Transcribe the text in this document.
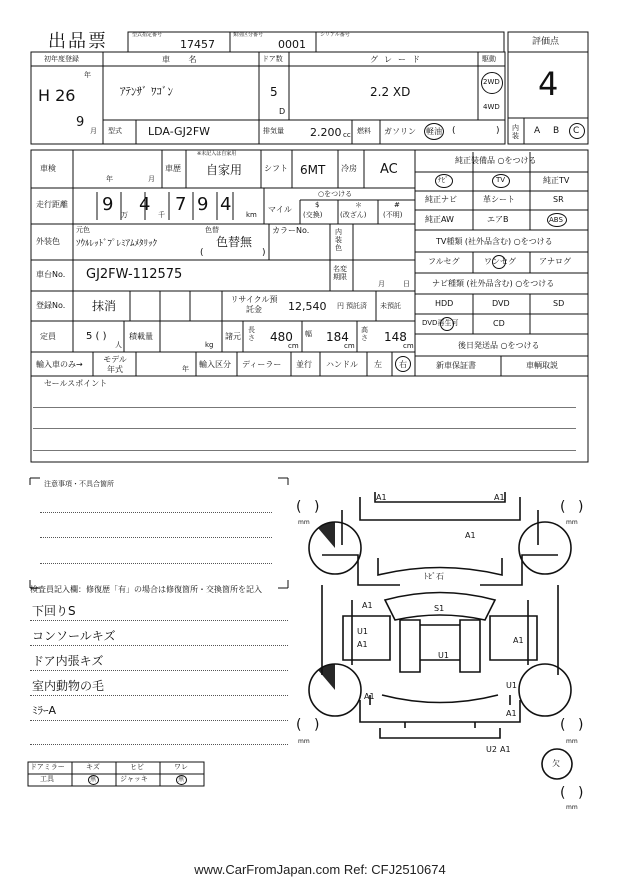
出品票	型式指定番号
17457
類別区分番号
0001
シリアル番号
評価点
4
初年度登録
年
H 26
9
月
車 名
ｱﾃﾝｻﾞ ﾜｺﾞﾝ
ドア数
5
D
グレード
2.2 XD
駆動
2WD
4WD
型式 LDA-GJ2FW	排気量 2.200 cc 燃料 ガソリン 軽油 (	) 内装	A B C
車検
年	月
車歴
※未記入は自家用
自家用	シフト 6MT 冷房 AC
走行距離 9 万 4 千 7 9 4 km
マイル
○をつける
$
(交換)
＊
(改ざん)
#
(不明)
外装色
元色
ｿｳﾙﾚｯﾄﾞﾌﾟﾚﾐｱﾑﾒﾀﾘｯｸ
色替
色替無
(	)
カラーNo.	内装色
車台No. GJ2FW-112575	名変期限
月	日
登録No. 抹消	リサイクル預託金	12,540 円 預託済 未預託
定員	5 ( )
人
積載量
kg
諸元
長さ 480
cm
幅 184
cm
高さ 148
cm
輸入車のみ→
モデル年式	年 輸入区分 ディーラー 並行 ハンドル 左 右
純正装備品 ○をつける
ﾅﾋﾞ	TV	純正TV
純正ナビ	革シート	SR
純正AW	エアB	ABS
TV種類 (社外品含む) ○をつける
フルセグ	ワンセグ	アナログ
ナビ種類 (社外品含む) ○をつける
HDD	DVD	SD
DVD再生可	CD
後日発送品 ○をつける
新車保証書	車輌取説
セールスポイント
注意事項・不具合箇所
検査員記入欄：修復歴「有」の場合は修復箇所・交換箇所を記入
下回りS
コンソールキズ
ドア内張キズ
室内動物の毛
ﾐﾗｰA
ドアミラー	キズ	ヒビ	ワレ
工具	無	ジャッキ	無
A1	A1
A1
ﾄﾋﾞ石
A1	S1
U1
A1
U1
A1
A1
U1
A1
U2 A1
( )
mm
( )
mm
( )
mm
( )
mm
欠
( )
mm
www.CarFromJapan.com Ref: CFJ2510674
